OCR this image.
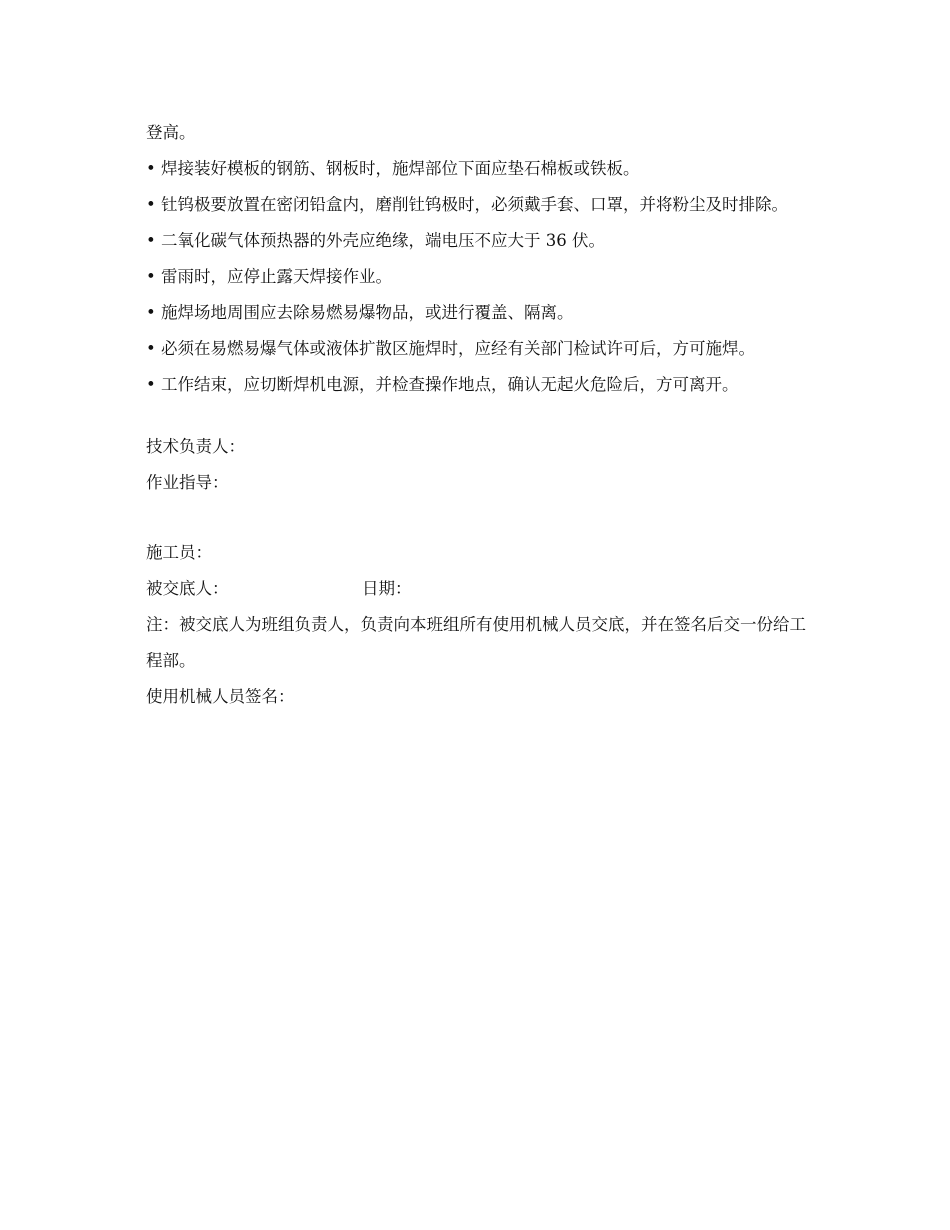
登高。
• 焊接装好模板的钢筋、钢板时，施焊部位下面应垫石棉板或铁板。
• 钍钨极要放置在密闭铅盒内，磨削钍钨极时，必须戴手套、口罩，并将粉尘及时排除。
• 二氧化碳气体预热器的外壳应绝缘，端电压不应大于 36 伏。
• 雷雨时，应停止露天焊接作业。
• 施焊场地周围应去除易燃易爆物品，或进行覆盖、隔离。
• 必须在易燃易爆气体或液体扩散区施焊时，应经有关部门检试许可后，方可施焊。
• 工作结束，应切断焊机电源，并检查操作地点，确认无起火危险后，方可离开。
技术负责人：
作业指导：
施工员：
被交底人：	日期：
注：被交底人为班组负责人，负责向本班组所有使用机械人员交底，并在签名后交一份给工程部。
使用机械人员签名：
